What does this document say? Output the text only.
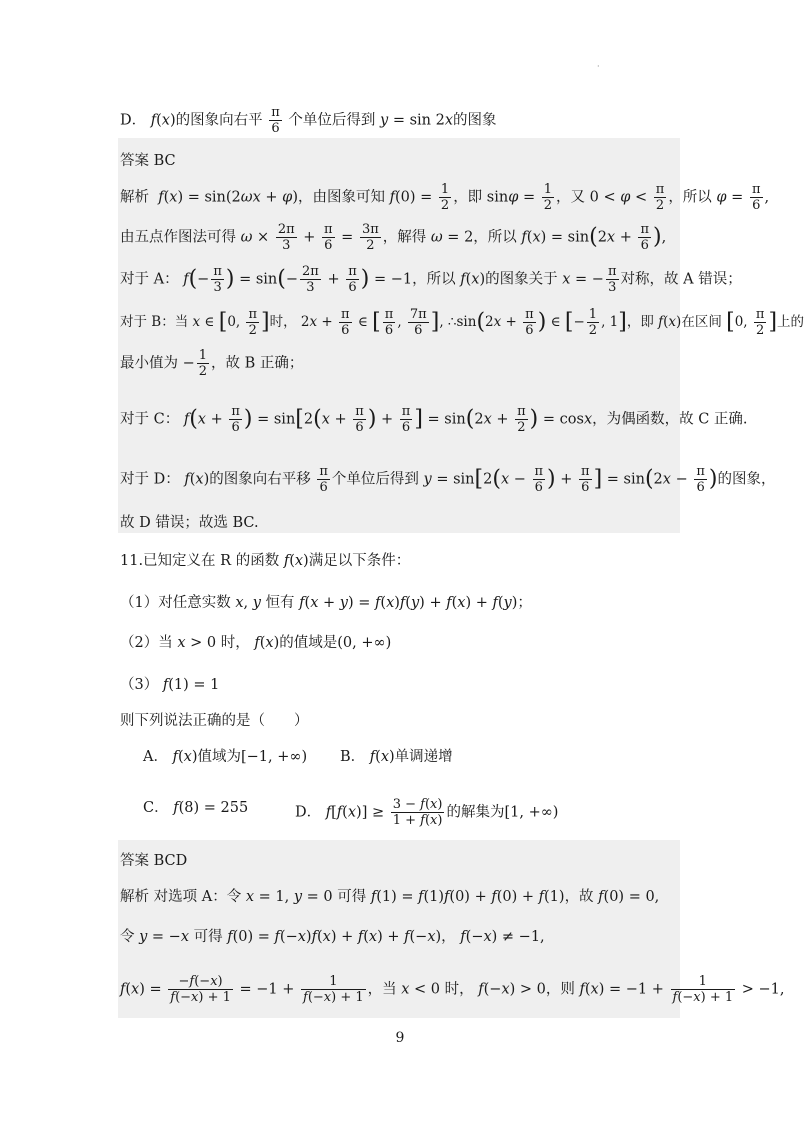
·
D． f(x)的图象向右平 $\frac{\pi}{6}$ 个单位后得到 y = sin 2x的图象
答案 BC
解析 f(x) = sin(2ωx + φ)，由图象可知 $f(0) = \frac{1}{2}$ ，即 $\sin\varphi = \frac{1}{2}$ ，又 $0 < \varphi < \frac{\pi}{2}$ ，所以 $\varphi = \frac{\pi}{6}$ ,
由五点作图法可得 $\omega \times \frac{2\pi}{3} + \frac{\pi}{6} = \frac{3\pi}{2}$ ，解得 ω = 2，所以 $f(x) = \sin(2x + \frac{\pi}{6}$ ),
对于 A： $f(- \frac{\pi}{3}$ ) = $\sin(- \frac{2\pi}{3} + \frac{\pi}{6}$ ) = −1，所以 f(x)的图象关于 x = − $\frac{\pi}{3}$ 对称，故 A 错误；
对于 B：当 x ∈ [0, $\frac{\pi}{2}$ ]时， $2x + \frac{\pi}{6}$ ∈ [ $\frac{\pi}{6}$ , $\frac{7\pi}{6}$ ], ∴sin(2x + $\frac{\pi}{6}$ ) ∈ [− $\frac{1}{2}$ , 1]，即 f(x)在区间 [0, $\frac{\pi}{2}$ ]上的
最小值为 − $\frac{1}{2}$ ，故 B 正确；
对于 C： $f(x + \frac{\pi}{6}$ ) = $\sin[2(x + \frac{\pi}{6}$ ) + $\frac{\pi}{6}$ ] = $\sin(2x + \frac{\pi}{2}$ ) = cosx，为偶函数，故 C 正确.
对于 D： f(x)的图象向右平移 $\frac{\pi}{6}$ 个单位后得到 $y = \sin[2(x - \frac{\pi}{6}$ ) + $\frac{\pi}{6}$ ] = $\sin(2x - \frac{\pi}{6}$ )的图象，
故 D 错误；故选 BC.
11.已知定义在 R 的函数 f(x)满足以下条件：
（1）对任意实数 x, y 恒有 f(x + y) = f(x)f(y) + f(x) + f(y)；
（2）当 x > 0 时， f(x)的值域是(0, +∞)
（3） f(1) = 1
则下列说法正确的是（　　）
A． f(x)值域为[−1, +∞) B． f(x)单调递增
C． f(8) = 255	D． $f[f(x)] \ge \frac{3 - f(x)}{1 + f(x)}$ 的解集为[1, +∞)
答案 BCD
解析 对选项 A：令 x = 1, y = 0 可得 f(1) = f(1)f(0) + f(0) + f(1)，故 f(0) = 0,
令 y = −x 可得 f(0) = f(−x)f(x) + f(x) + f(−x)， f(−x) ≠ −1,
$f(x) = \frac{-f(-x)}{f(-x) + 1} = -1 + \frac{1}{f(-x) + 1}$ ，当 x < 0 时， f(−x) > 0，则 $f(x) = -1 + \frac{1}{f(-x) + 1} > -1$,
9
